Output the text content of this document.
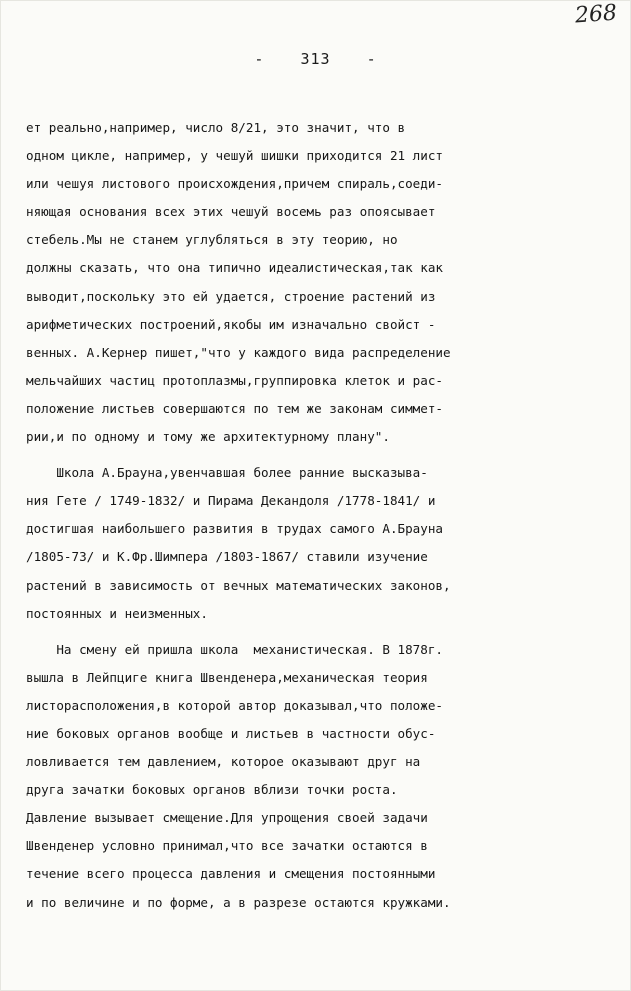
268
- 313 -
ет реально,например, число 8/21, это значит, что в
одном цикле, например, у чешуй шишки приходится 21 лист
или чешуя листового происхождения,причем спираль,соеди-
няющая основания всех этих чешуй восемь раз опоясывает
стебель.Мы не станем углубляться в эту теорию, но
должны сказать, что она типично идеалистическая,так как
выводит,поскольку это ей удается, строение растений из
арифметических построений,якобы им изначально свойст -
венных. А.Кернер пишет,"что у каждого вида распределение
мельчайших частиц протоплазмы,группировка клеток и рас-
положение листьев совершаются по тем же законам симмет-
рии,и по одному и тому же архитектурному плану".
Школа А.Брауна,увенчавшая более ранние высказыва-
ния Гете / 1749-1832/ и Пирама Декандоля /1778-1841/ и
достигшая наибольшего развития в трудах самого А.Брауна
/1805-73/ и К.Фр.Шимпера /1803-1867/ ставили изучение
растений в зависимость от вечных математических законов,
постоянных и неизменных.
На смену ей пришла школа  механистическая. В 1878г.
вышла в Лейпциге книга Швенденера,механическая теория
листорасположения,в которой автор доказывал,что положе-
ние боковых органов вообще и листьев в частности обус-
ловливается тем давлением, которое оказывают друг на
друга зачатки боковых органов вблизи точки роста.
Давление вызывает смещение.Для упрощения своей задачи
Швенденер условно принимал,что все зачатки остаются в
течение всего процесса давления и смещения постоянными
и по величине и по форме, а в разрезе остаются кружками.
